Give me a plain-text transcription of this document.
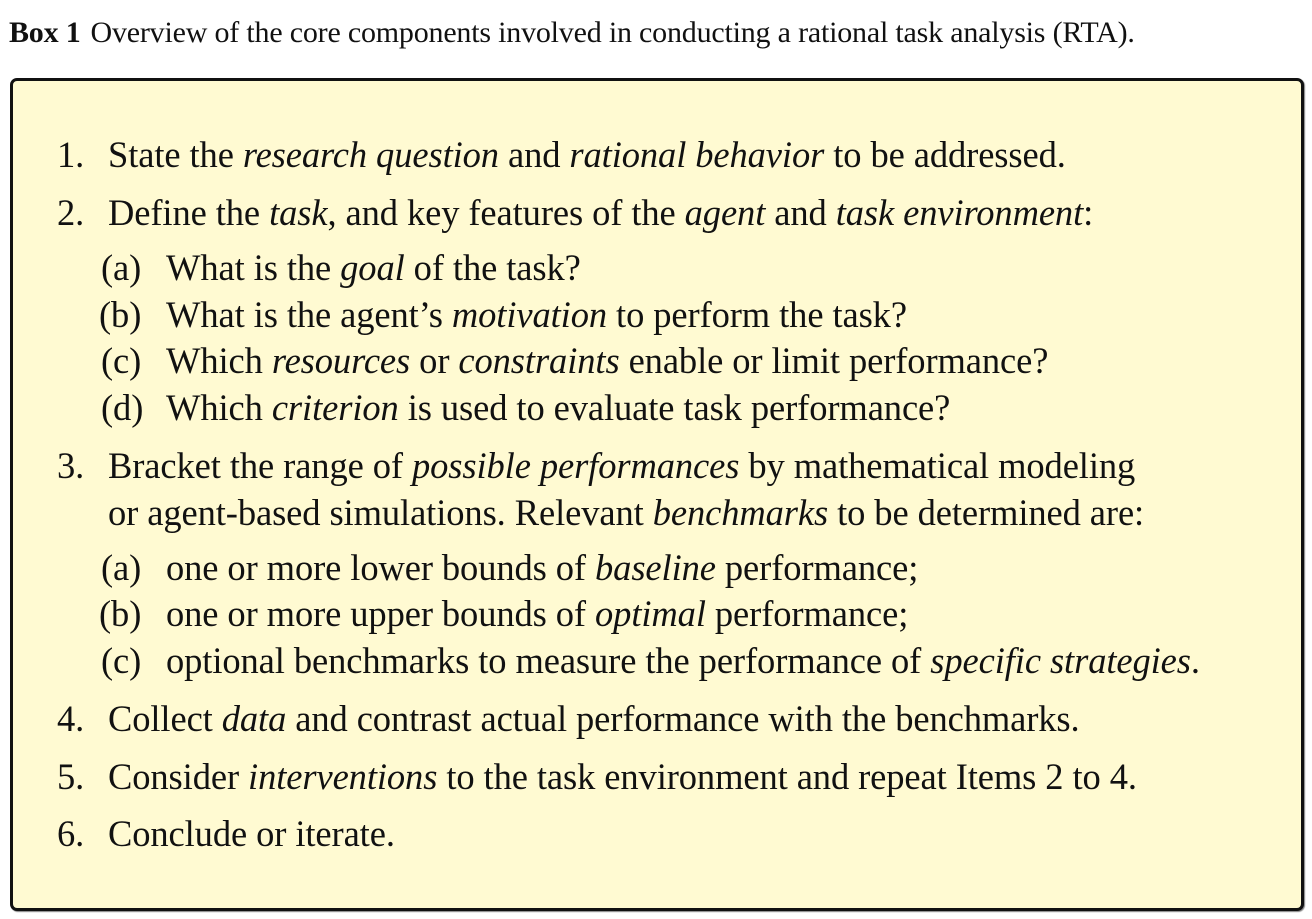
Box 1 Overview of the core components involved in conducting a rational task analysis (RTA).
1. State the research question and rational behavior to be addressed.
2. Define the task, and key features of the agent and task environment:
(a) What is the goal of the task?
(b) What is the agent’s motivation to perform the task?
(c) Which resources or constraints enable or limit performance?
(d) Which criterion is used to evaluate task performance?
3. Bracket the range of possible performances by mathematical modeling
or agent-based simulations. Relevant benchmarks to be determined are:
(a) one or more lower bounds of baseline performance;
(b) one or more upper bounds of optimal performance;
(c) optional benchmarks to measure the performance of specific strategies.
4. Collect data and contrast actual performance with the benchmarks.
5. Consider interventions to the task environment and repeat Items 2 to 4.
6. Conclude or iterate.
